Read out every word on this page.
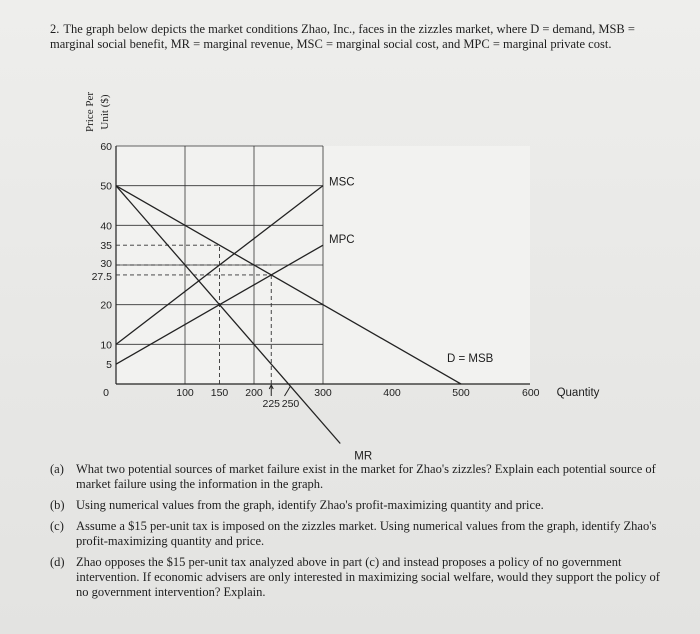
2. The graph below depicts the market conditions Zhao, Inc., faces in the zizzles market, where D = demand, MSB = marginal social benefit, MR = marginal revenue, MSC = marginal social cost, and MPC = marginal private cost.

5
10
20
27.5
30
35
40
50
60
0	100 150 200
225 250
300	400	500	600 Quantity
Price Per Unit ($)
MSC
MPC
D = MSB
MR
(a) What two potential sources of market failure exist in the market for Zhao's zizzles? Explain each potential source of market failure using the information in the graph.
(b) Using numerical values from the graph, identify Zhao's profit-maximizing quantity and price.
(c) Assume a $15 per-unit tax is imposed on the zizzles market. Using numerical values from the graph, identify Zhao's profit-maximizing quantity and price.
(d) Zhao opposes the $15 per-unit tax analyzed above in part (c) and instead proposes a policy of no government intervention. If economic advisers are only interested in maximizing social welfare, would they support the policy of no government intervention? Explain.
